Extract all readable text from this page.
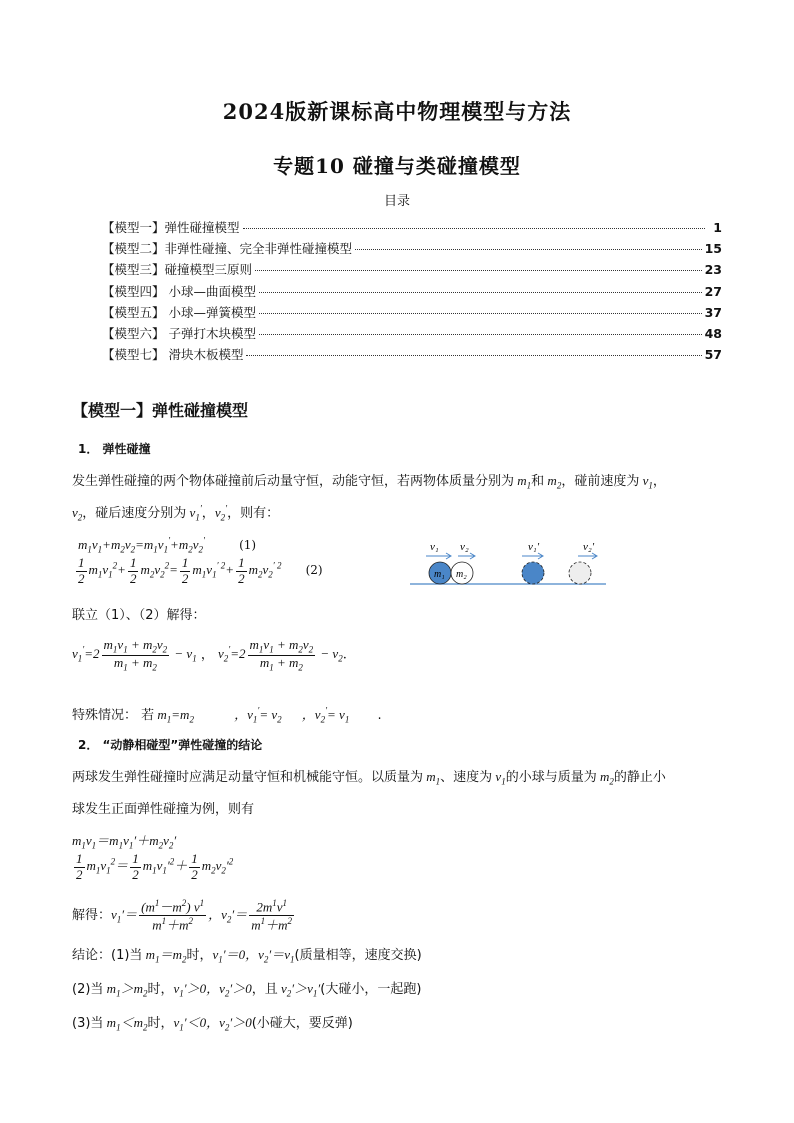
2024版新课标高中物理模型与方法
专题10 碰撞与类碰撞模型
目录
【模型一】弹性碰撞模型	1
【模型二】非弹性碰撞、完全非弹性碰撞模型	15
【模型三】碰撞模型三原则	23
【模型四】 小球—曲面模型	27
【模型五】 小球—弹簧模型	37
【模型六】 子弹打木块模型	48
【模型七】 滑块木板模型	57
【模型一】弹性碰撞模型
1． 弹性碰撞
发生弹性碰撞的两个物体碰撞前后动量守恒，动能守恒，若两物体质量分别为 $m_1$和 $m_2$，碰前速度为 $v_1$，
$v_2$，碰后速度分别为 $v_1'$，$v_2'$，则有：
$m_1v_1+m_2v_2=m_1v_1'+m_2v_2'$	(1)
$\frac{1}{2} m_1v_1^2+ \frac{1}{2} m_2v_2^2= \frac{1}{2} m_1v_1^{' 2}+ \frac{1}{2} m_2v_2^{' 2}$ (2)
v₁ v₂
m₁ m₂
v₁′	v₂′
联立（1）、（2）解得：
$v_1'=2 \frac{m_1v_1 + m_2v_2}{m_1 + m_2} - v_1$ ， $v_2'=2 \frac{m_1v_1 + m_2v_2}{m_1 + m_2} - v_2$.
特殊情况： 若 $m_1=m_2$	，$v_1'= v_2$ ，$v_2'= v_1$ .
2． “动静相碰型”弹性碰撞的结论
两球发生弹性碰撞时应满足动量守恒和机械能守恒。以质量为 $m_1$、速度为 $v_1$的小球与质量为 $m_2$的静止小
球发生正面弹性碰撞为例，则有
$m_1v_1=m_1v_1'+m_2v_2'$
$\frac{1}{2} m_1v_1^2= \frac{1}{2} m_1v_1'^2+ \frac{1}{2} m_2v_2'^2$
解得：$v_1'= \frac{(m^1-m^2) v^1}{m^1+m^2}$ ，$v_2'= \frac{2m^1v^1}{m^1+m^2}$
结论：(1)当 $m_1=m_2$时，$v_1'=0$，$v_2'=v_1$(质量相等，速度交换)
(2)当 $m_1>m_2$时，$v_1'>0$，$v_2'>0$，且 $v_2'>v_1'$(大碰小，一起跑)
(3)当 $m_1<m_2$时，$v_1'<0$，$v_2'>0$(小碰大，要反弹)
